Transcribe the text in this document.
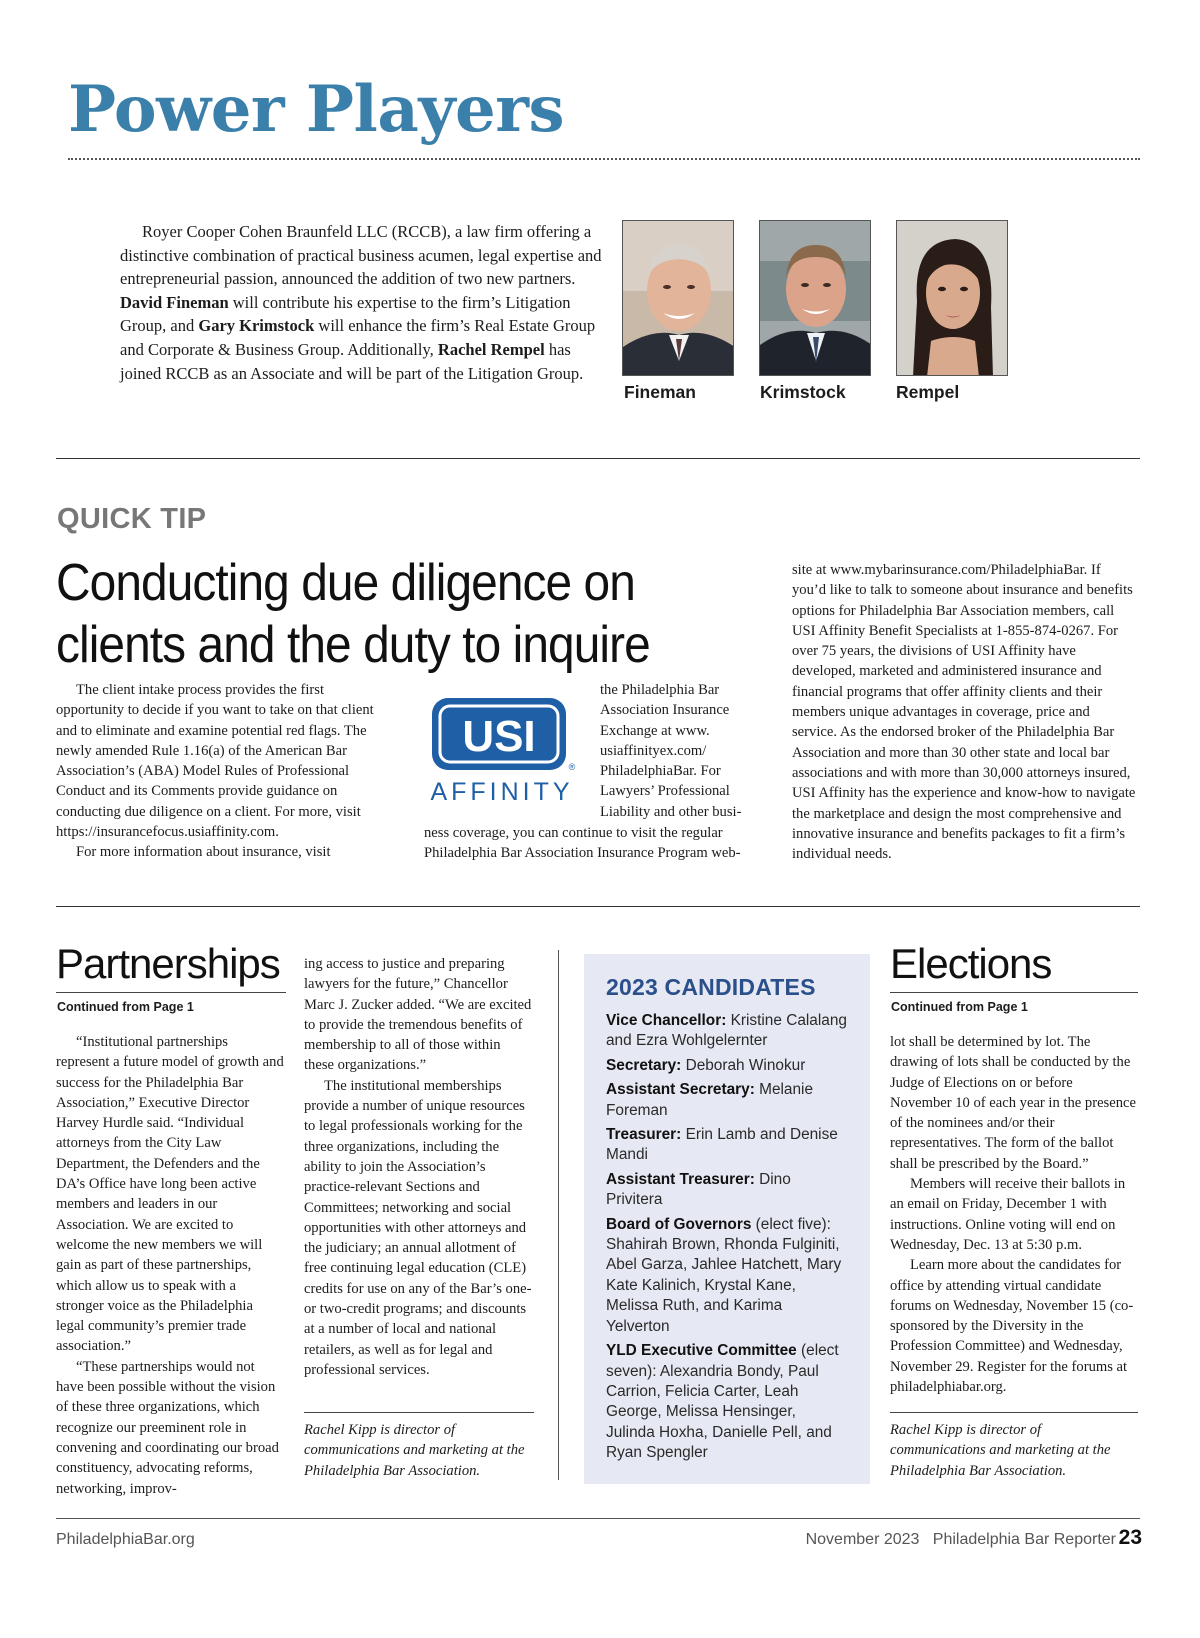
Power Players

Royer Cooper Cohen Braunfeld LLC (RCCB), a law firm offering a distinctive combination of practical business acumen, legal expertise and entrepreneurial passion, announced the addition of two new partners. David Fineman will contribute his expertise to the firm’s Litigation Group, and Gary Krimstock will enhance the firm’s Real Estate Group and Corporate & Business Group. Additionally, Rachel Rempel has joined RCCB as an Associate and will be part of the Litigation Group.

Fineman	Krimstock	Rempel
QUICK TIP
Conducting due diligence on clients and the duty to inquire

The client intake process provides the first opportunity to decide if you want to take on that client and to eliminate and examine potential red flags. The newly amended Rule 1.16(a) of the American Bar Association’s (ABA) Model Rules of Professional Conduct and its Comments provide guidance on conducting due diligence on a client. For more, visit https://insurancefocus.usiaffinity.com.

For more information about insurance, visit

USI
®
AFFINITY

the Philadelphia Bar Association Insurance Exchange at www. usiaffinityex.com/ PhiladelphiaBar. For Lawyers’ Professional Liability and other busi-

ness coverage, you can continue to visit the regular Philadelphia Bar Association Insurance Program web-

site at www.mybarinsurance.com/PhiladelphiaBar. If you’d like to talk to someone about insurance and benefits options for Philadelphia Bar Association members, call USI Affinity Benefit Specialists at 1-855-874-0267. For over 75 years, the divisions of USI Affinity have developed, marketed and administered insurance and financial programs that offer affinity clients and their members unique advantages in coverage, price and service. As the endorsed broker of the Philadelphia Bar Association and more than 30 other state and local bar associations and with more than 30,000 attorneys insured, USI Affinity has the experience and know-how to navigate the marketplace and design the most comprehensive and innovative insurance and benefits packages to fit a firm’s individual needs.

Partnerships
Continued from Page 1

“Institutional partnerships represent a future model of growth and success for the Philadelphia Bar Association,” Executive Director Harvey Hurdle said. “Individual attorneys from the City Law Department, the Defenders and the DA’s Office have long been active members and leaders in our Association. We are excited to welcome the new members we will gain as part of these partnerships, which allow us to speak with a stronger voice as the Philadelphia legal community’s premier trade association.”

“These partnerships would not have been possible without the vision of these three organizations, which recognize our preeminent role in convening and coordinating our broad constituency, advocating reforms, networking, improv-

ing access to justice and preparing lawyers for the future,” Chancellor Marc J. Zucker added. “We are excited to provide the tremendous benefits of membership to all of those within these organizations.”

The institutional memberships provide a number of unique resources to legal professionals working for the three organizations, including the ability to join the Association’s practice-relevant Sections and Committees; networking and social opportunities with other attorneys and the judiciary; an annual allotment of free continuing legal education (CLE) credits for use on any of the Bar’s one- or two-credit programs; and discounts at a number of local and national retailers, as well as for legal and professional services.

Rachel Kipp is director of communications and marketing at the Philadelphia Bar Association.
2023 CANDIDATES
Vice Chancellor: Kristine Calalang and Ezra Wohlgelernter
Secretary: Deborah Winokur
Assistant Secretary: Melanie Foreman
Treasurer: Erin Lamb and Denise Mandi
Assistant Treasurer: Dino Privitera
Board of Governors (elect five): Shahirah Brown, Rhonda Fulginiti, Abel Garza, Jahlee Hatchett, Mary Kate Kalinich, Krystal Kane, Melissa Ruth, and Karima Yelverton
YLD Executive Committee (elect seven): Alexandria Bondy, Paul Carrion, Felicia Carter, Leah George, Melissa Hensinger, Julinda Hoxha, Danielle Pell, and Ryan Spengler
Elections
Continued from Page 1

lot shall be determined by lot. The drawing of lots shall be conducted by the Judge of Elections on or before November 10 of each year in the presence of the nominees and/or their representatives. The form of the ballot shall be prescribed by the Board.”

Members will receive their ballots in an email on Friday, December 1 with instructions. Online voting will end on Wednesday, Dec. 13 at 5:30 p.m.

Learn more about the candidates for office by attending virtual candidate forums on Wednesday, November 15 (co-sponsored by the Diversity in the Profession Committee) and Wednesday, November 29. Register for the forums at philadelphiabar.org.

Rachel Kipp is director of communications and marketing at the Philadelphia Bar Association.
PhiladelphiaBar.org	November 2023   Philadelphia Bar Reporter 23
